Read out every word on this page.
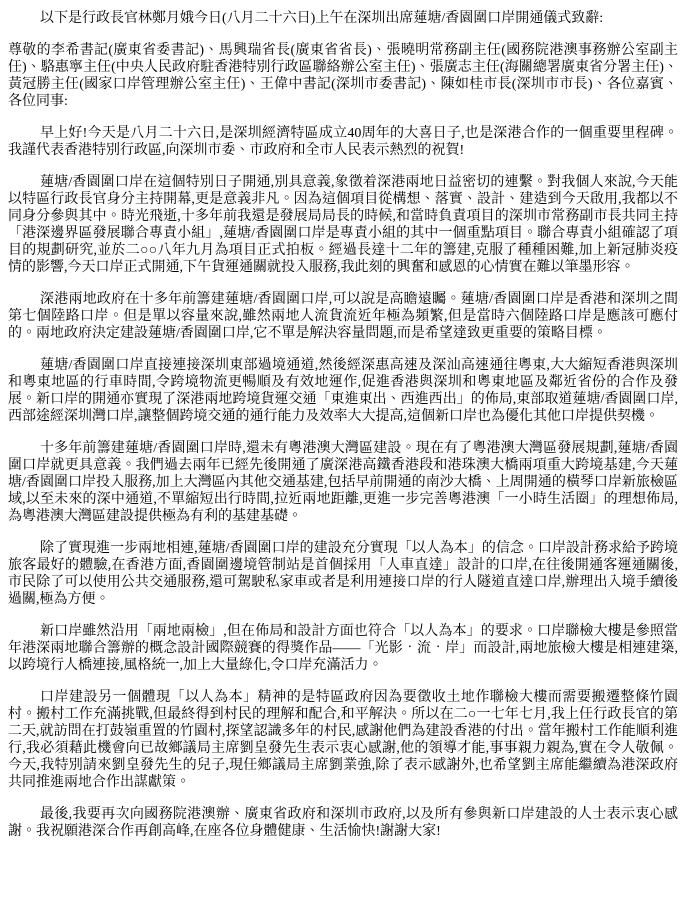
以下是行政長官林鄭月娥今日(八月二十六日)上午在深圳出席蓮塘/香園圍口岸開通儀式致辭:

尊敬的李希書記(廣東省委書記)、馬興瑞省長(廣東省省長)、張曉明常務副主任(國務院港澳事務辦公室副主任)、駱惠寧主任(中央人民政府駐香港特別行政區聯絡辦公室主任)、張廣志主任(海關總署廣東省分署主任)、黃冠勝主任(國家口岸管理辦公室主任)、王偉中書記(深圳市委書記)、陳如桂市長(深圳市市長)、各位嘉賓、各位同事:

早上好!今天是八月二十六日,是深圳經濟特區成立40周年的大喜日子,也是深港合作的一個重要里程碑。我謹代表香港特別行政區,向深圳市委、市政府和全市人民表示熱烈的祝賀!

蓮塘/香園圍口岸在這個特別日子開通,別具意義,象徵着深港兩地日益密切的連繫。對我個人來說,今天能以特區行政長官身分主持開幕,更是意義非凡。因為這個項目從構想、落實、設計、建造到今天啟用,我都以不同身分參與其中。時光飛逝,十多年前我還是發展局局長的時候,和當時負責項目的深圳市常務副市長共同主持「港深邊界區發展聯合專責小組」,蓮塘/香園圍口岸是專責小組的其中一個重點項目。聯合專責小組確認了項目的規劃研究,並於二○○八年九月為項目正式拍板。經過長達十二年的籌建,克服了種種困難,加上新冠肺炎疫情的影響,今天口岸正式開通,下午貨運通關就投入服務,我此刻的興奮和感恩的心情實在難以筆墨形容。

深港兩地政府在十多年前籌建蓮塘/香園圍口岸,可以說是高瞻遠矚。蓮塘/香園圍口岸是香港和深圳之間第七個陸路口岸。但是單以容量來說,雖然兩地人流貨流近年極為頻繁,但是當時六個陸路口岸是應該可應付的。兩地政府決定建設蓮塘/香園圍口岸,它不單是解決容量問題,而是希望達致更重要的策略目標。

蓮塘/香園圍口岸直接連接深圳東部過境通道,然後經深惠高速及深汕高速通往粵東,大大縮短香港與深圳和粵東地區的行車時間,令跨境物流更暢順及有效地運作,促進香港與深圳和粵東地區及鄰近省份的合作及發展。新口岸的開通亦實現了深港兩地跨境貨運交通「東進東出、西進西出」的佈局,東部取道蓮塘/香園圍口岸,西部途經深圳灣口岸,讓整個跨境交通的通行能力及效率大大提高,這個新口岸也為優化其他口岸提供契機。

十多年前籌建蓮塘/香園圍口岸時,還未有粵港澳大灣區建設。現在有了粵港澳大灣區發展規劃,蓮塘/香園圍口岸就更具意義。我們過去兩年已經先後開通了廣深港高鐵香港段和港珠澳大橋兩項重大跨境基建,今天蓮塘/香園圍口岸投入服務,加上大灣區內其他交通基建,包括早前開通的南沙大橋、上周開通的橫琴口岸新旅檢區域,以至未來的深中通道,不單縮短出行時間,拉近兩地距離,更進一步完善粵港澳「一小時生活圈」的理想佈局,為粵港澳大灣區建設提供極為有利的基建基礎。

除了實現進一步兩地相連,蓮塘/香園圍口岸的建設充分實現「以人為本」的信念。口岸設計務求給予跨境旅客最好的體驗,在香港方面,香園圍邊境管制站是首個採用「人車直達」設計的口岸,在往後開通客運通關後,市民除了可以使用公共交通服務,還可駕駛私家車或者是利用連接口岸的行人隧道直達口岸,辦理出入境手續後過關,極為方便。

新口岸雖然沿用「兩地兩檢」,但在佈局和設計方面也符合「以人為本」的要求。口岸聯檢大樓是參照當年港深兩地聯合籌辦的概念設計國際競賽的得獎作品——「光影‧流‧岸」而設計,兩地旅檢大樓是相連建築,以跨境行人橋連接,風格統一,加上大量綠化,令口岸充滿活力。

口岸建設另一個體現「以人為本」精神的是特區政府因為要徵收土地作聯檢大樓而需要搬遷整條竹園村。搬村工作充滿挑戰,但最終得到村民的理解和配合,和平解決。所以在二○一七年七月,我上任行政長官的第二天,就訪問在打鼓嶺重置的竹園村,探望認識多年的村民,感謝他們為建設香港的付出。當年搬村工作能順利進行,我必須藉此機會向已故鄉議局主席劉皇發先生表示衷心感謝,他的領導才能,事事親力親為,實在令人敬佩。今天,我特別請來劉皇發先生的兒子,現任鄉議局主席劉業強,除了表示感謝外,也希望劉主席能繼續為港深政府共同推進兩地合作出謀獻策。

最後,我要再次向國務院港澳辦、廣東省政府和深圳市政府,以及所有參與新口岸建設的人士表示衷心感謝。我祝願港深合作再創高峰,在座各位身體健康、生活愉快!謝謝大家!
